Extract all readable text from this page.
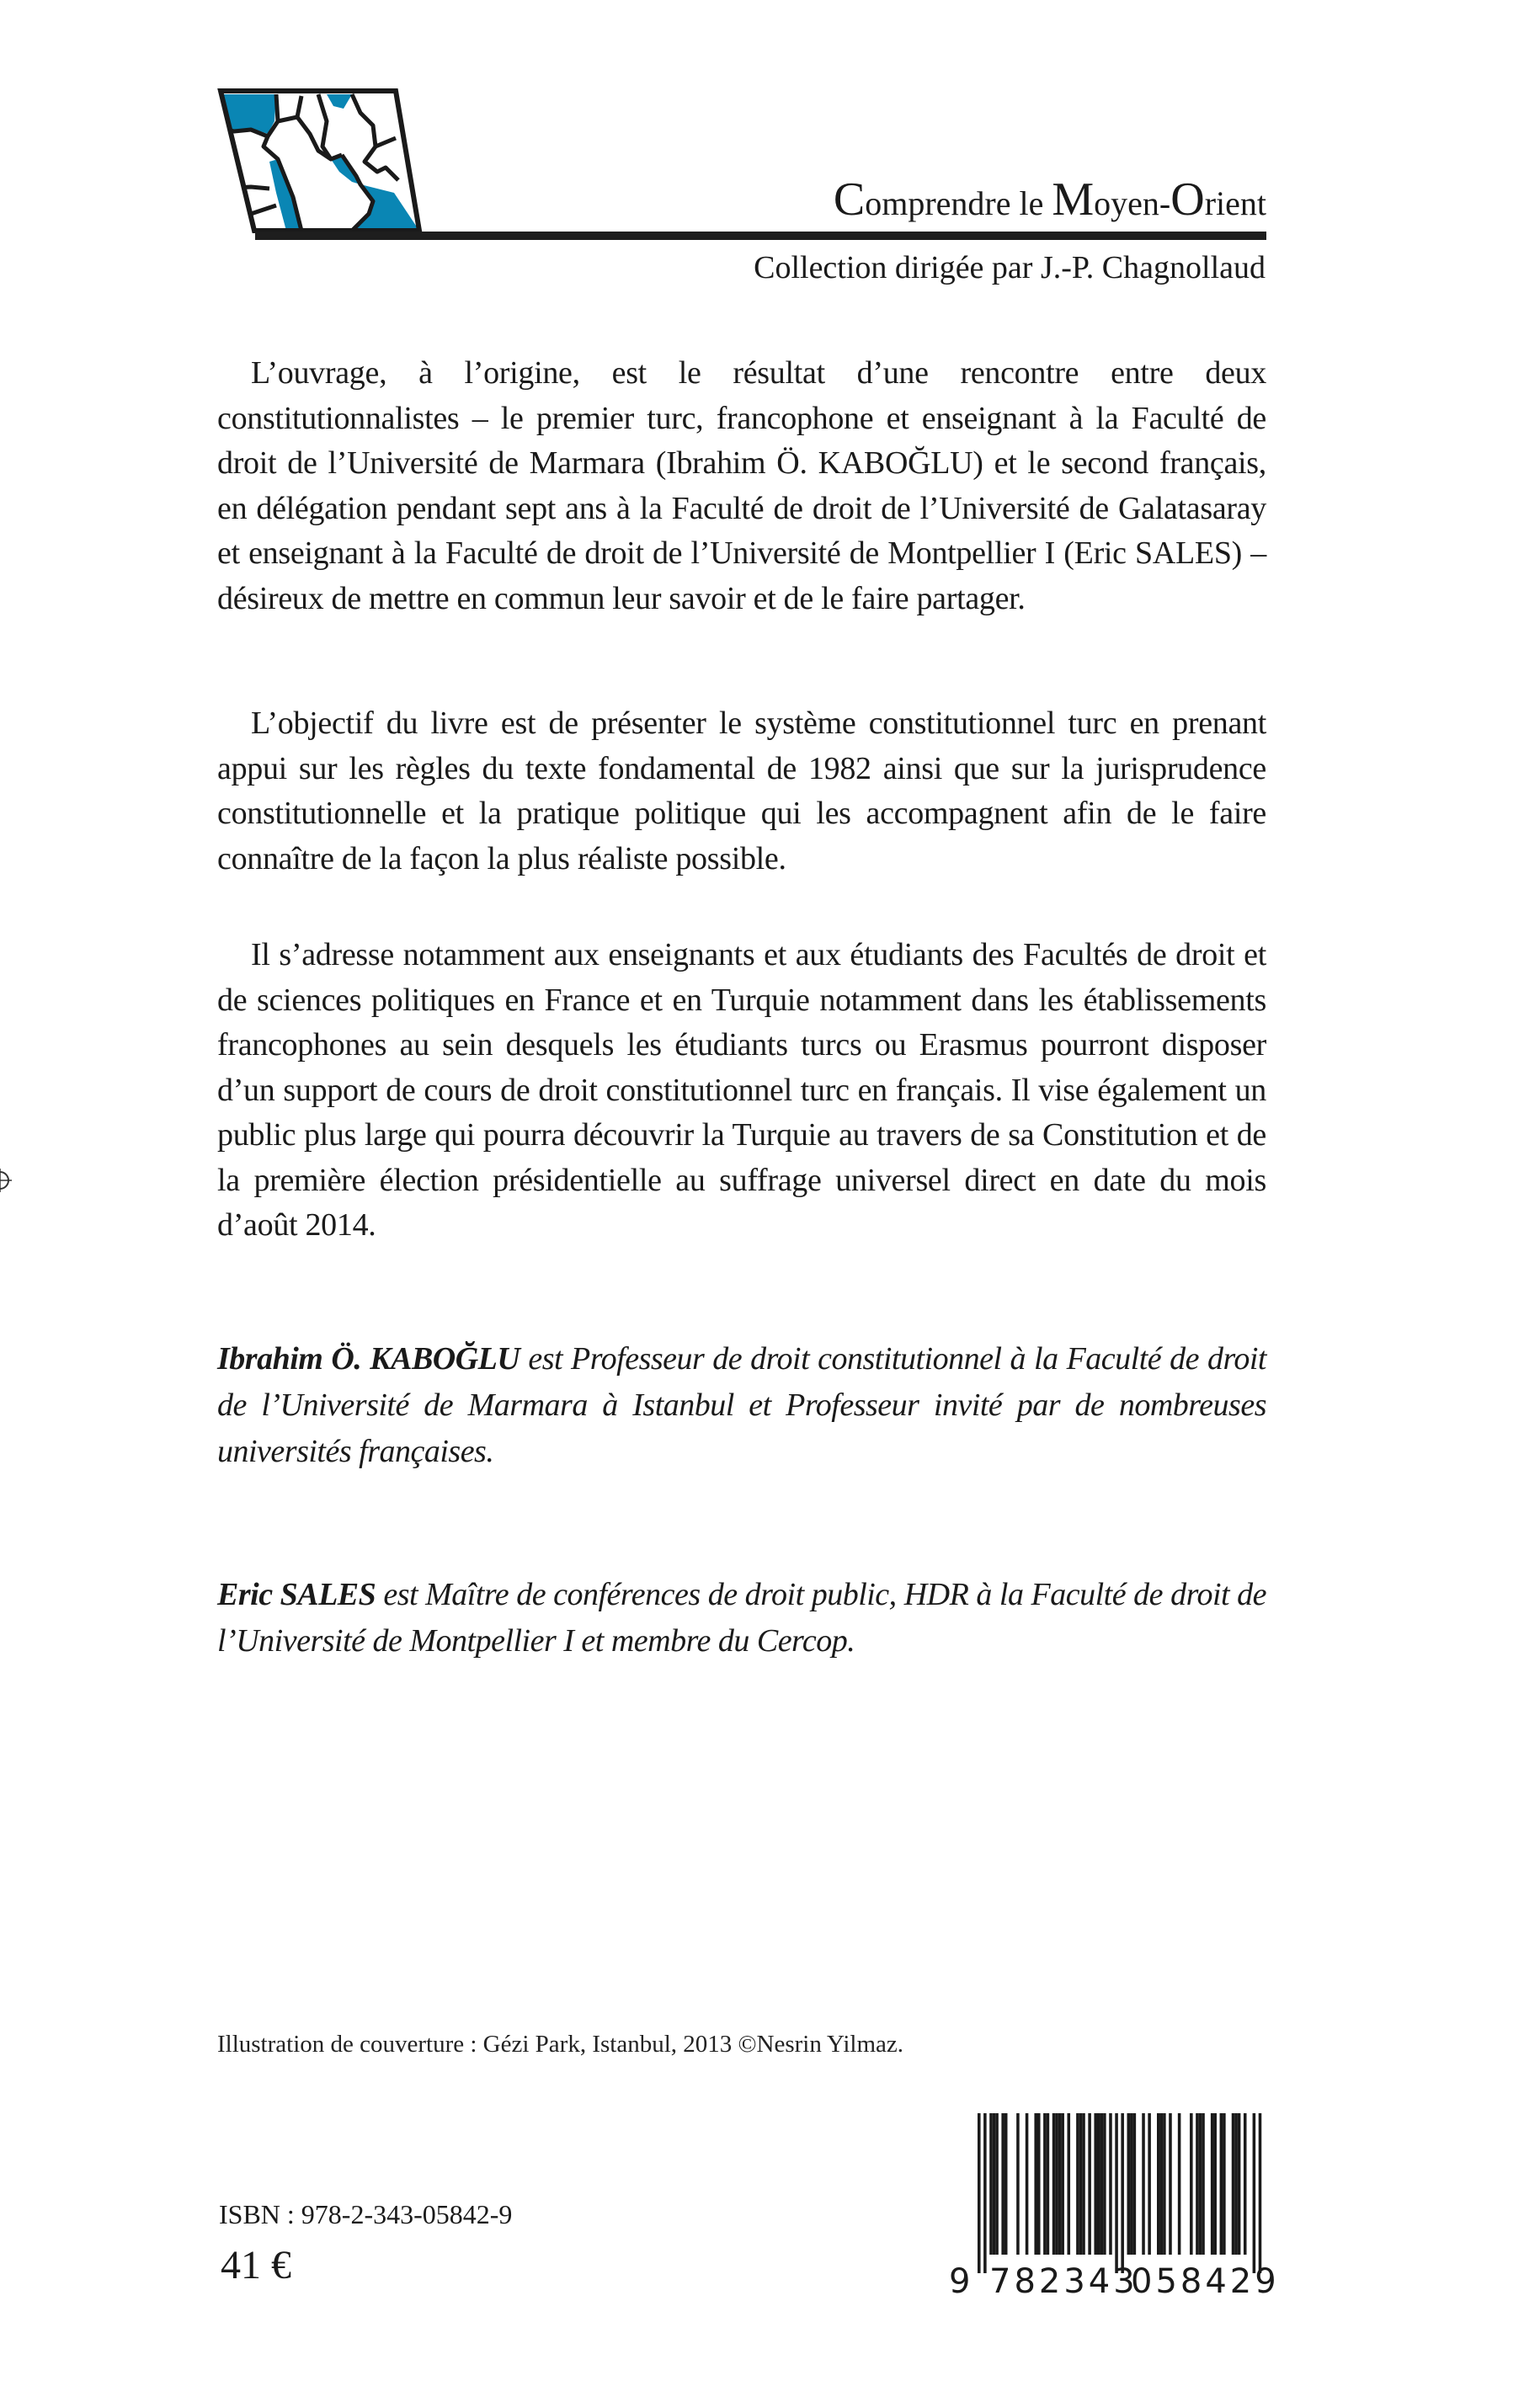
Comprendre le Moyen-Orient
Collection dirigée par J.-P. Chagnollaud

L’ouvrage, à l’origine, est le résultat d’une rencontre entre deux constitutionnalistes – le premier turc, francophone et enseignant à la Faculté de droit de l’Université de Marmara (Ibrahim Ö. KABOĞLU) et le second français, en délégation pendant sept ans à la Faculté de droit de l’Université de Galatasaray et enseignant à la Faculté de droit de l’Université de Montpellier I (Eric SALES) – désireux de mettre en commun leur savoir et de le faire partager.

L’objectif du livre est de présenter le système constitutionnel turc en prenant appui sur les règles du texte fondamental de 1982 ainsi que sur la jurisprudence constitutionnelle et la pratique politique qui les accompagnent afin de le faire connaître de la façon la plus réaliste possible.

Il s’adresse notamment aux enseignants et aux étudiants des Facultés de droit et de sciences politiques en France et en Turquie notamment dans les établissements francophones au sein desquels les étudiants turcs ou Erasmus pourront disposer d’un support de cours de droit constitutionnel turc en français. Il vise également un public plus large qui pourra découvrir la Turquie au travers de sa Constitution et de la première élection présidentielle au suffrage universel direct en date du mois d’août 2014.

Ibrahim Ö. KABOĞLU est Professeur de droit constitutionnel à la Faculté de droit de l’Université de Marmara à Istanbul et Professeur invité par de nombreuses universités françaises.

Eric SALES est Maître de conférences de droit public, HDR à la Faculté de droit de l’Université de Montpellier I et membre du Cercop.

Illustration de couverture : Gézi Park, Istanbul, 2013 ©Nesrin Yilmaz.
ISBN : 978-2-343-05842-9
41 €	9 782343
058429
